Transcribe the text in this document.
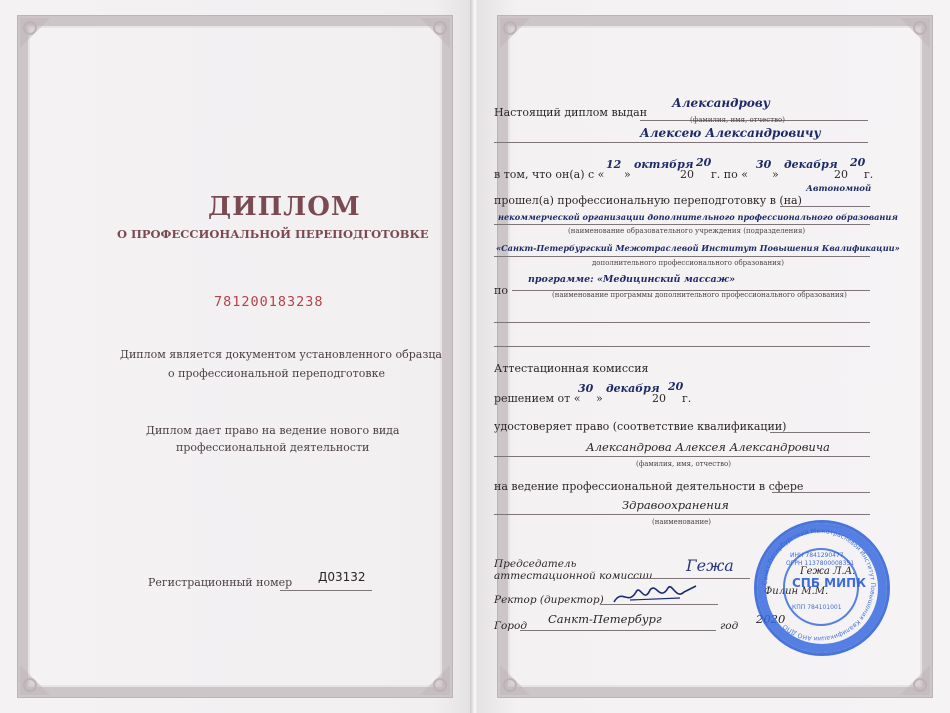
ДИПЛОМ
О ПРОФЕССИОНАЛЬНОЙ ПЕРЕПОДГОТОВКЕ
781200183238
Диплом является документом установленного образца
о профессиональной переподготовке
Диплом дает право на ведение нового вида
профессиональной деятельности
Регистрационный номер Д03132
Настоящий диплом выдан
Александрову
(фамилия, имя, отчество)
Алексею Александровичу
в том, что он(а) с «
12
»
октября
20
20
г. по «
30
»
декабря
20
20
г.
прошел(а) профессиональную переподготовку в (на)
Автономной
некоммерческой организации дополнительного профессионального образования
(наименование образовательного учреждения (подразделения)
«Санкт-Петербургский Межотраслевой Институт Повышения Квалификации»
дополнительного профессионального образования)
по
программе: «Медицинский массаж»
(наименование программы дополнительного профессионального образования)
Аттестационная комиссия
решением от «
30
»
декабря
20
20
г.
удостоверяет право (соответствие квалификации)
Александрова Алексея Александровича
(фамилия, имя, отчество)
на ведение профессиональной деятельности в сфере
Здравоохранения
(наименование)
Председатель
аттестационной комиссии
Гежа	Гежа Л.А.
Ректор (директор)
Филин М.М.
Город Санкт-Петербург	год 2020
Санкт-Петербургский Межотраслевой Институт Повышения Квалификации АНО ДПО
ИНН 7841290477
ОГРН 1137800008351
СПБ МИПК
КПП 784101001
